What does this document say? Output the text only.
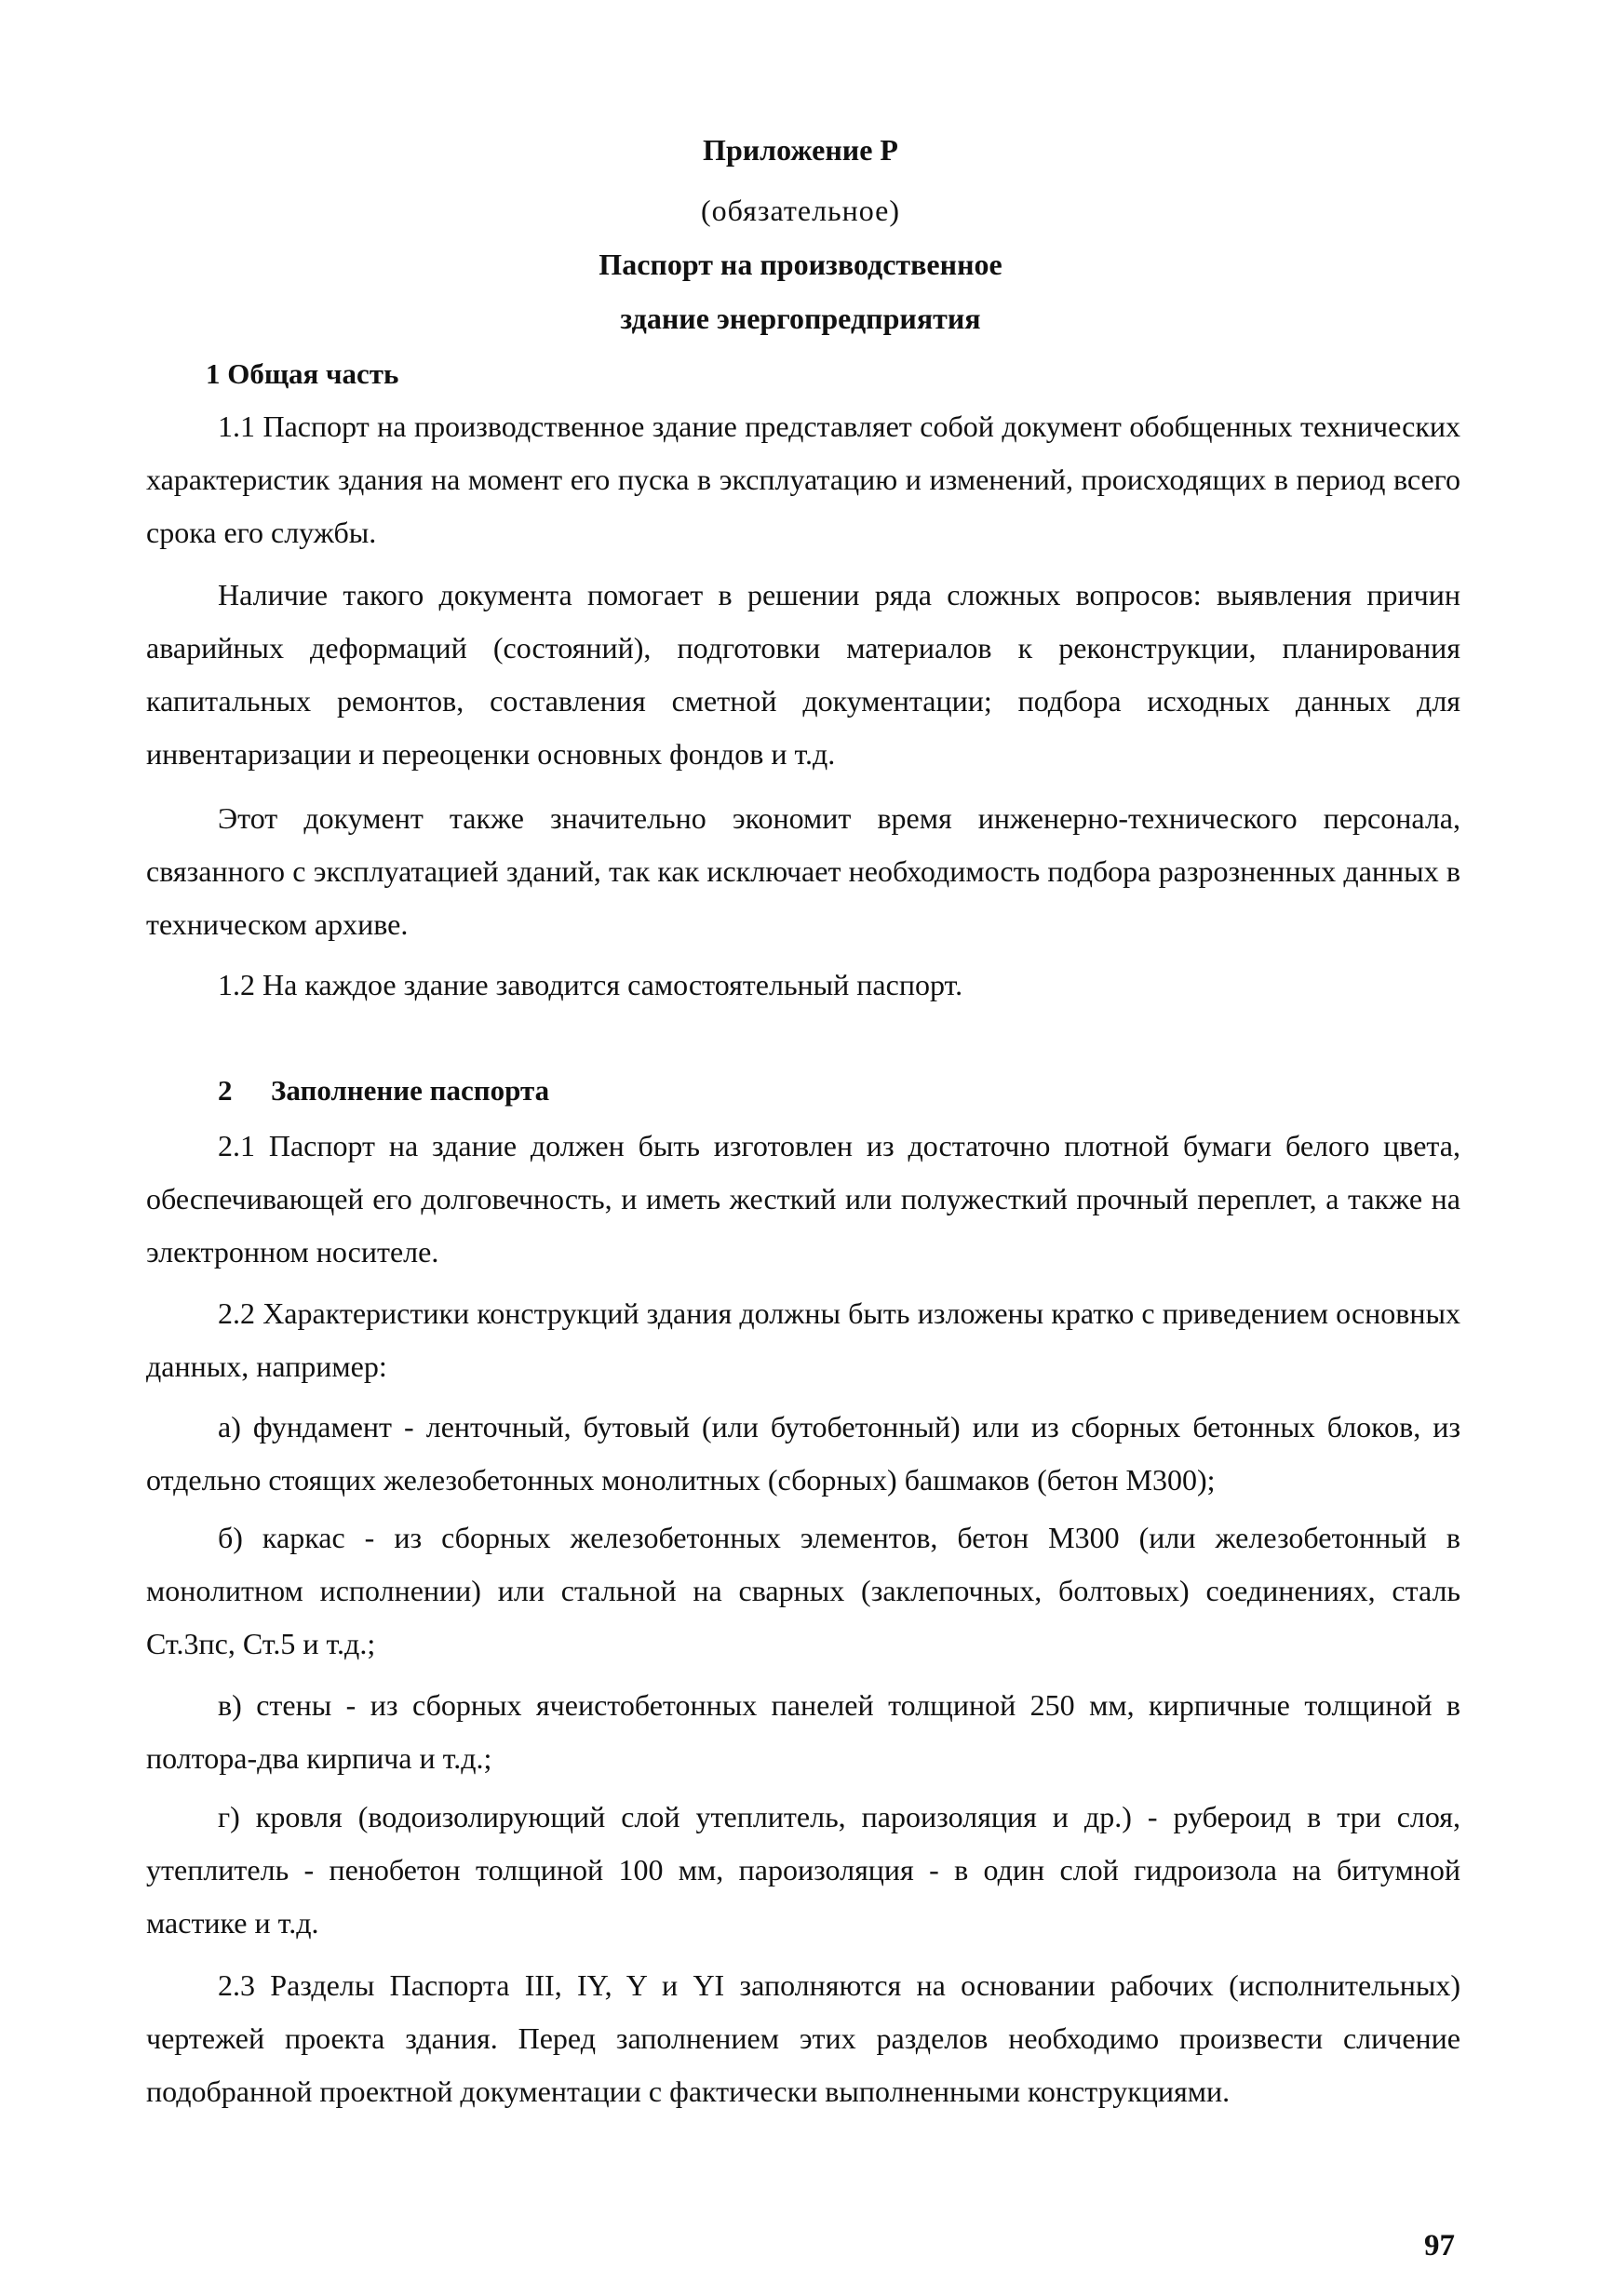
Приложение Р
(обязательное)
Паспорт на производственное
здание энергопредприятия
1 Общая часть

1.1 Паспорт на производственное здание представляет собой документ обобщенных технических характеристик здания на момент его пуска в эксплуатацию и изменений, происходящих в период всего срока его службы.

Наличие такого документа помогает в решении ряда сложных вопросов: выявления причин аварийных деформаций (состояний), подготовки материалов к реконструкции, планирования капитальных ремонтов, составления сметной документации; подбора исходных данных для инвентаризации и переоценки основных фондов и т.д.

Этот документ также значительно экономит время инженерно-технического персонала, связанного с эксплуатацией зданий, так как исключает необходимость подбора разрозненных данных в техническом архиве.

1.2 На каждое здание заводится самостоятельный паспорт.

2 Заполнение паспорта

2.1 Паспорт на здание должен быть изготовлен из достаточно плотной бумаги белого цвета, обеспечивающей его долговечность, и иметь жесткий или полужесткий прочный переплет, а также на электронном носителе.

2.2 Характеристики конструкций здания должны быть изложены кратко с приведением основных данных, например:

а) фундамент - ленточный, бутовый (или бутобетонный) или из сборных бетонных блоков, из отдельно стоящих железобетонных монолитных (сборных) башмаков (бетон М300);

б) каркас - из сборных железобетонных элементов, бетон М300 (или железобетонный в монолитном исполнении) или стальной на сварных (заклепочных, болтовых) соединениях, сталь Ст.3пс, Ст.5 и т.д.;

в) стены - из сборных ячеистобетонных панелей толщиной 250 мм, кирпичные толщиной в полтора-два кирпича и т.д.;

г) кровля (водоизолирующий слой утеплитель, пароизоляция и др.) - рубероид в три слоя, утеплитель - пенобетон толщиной 100 мм, пароизоляция - в один слой гидроизола на битумной мастике и т.д.

2.3 Разделы Паспорта III, IY, Y и YI заполняются на основании рабочих (исполнительных) чертежей проекта здания. Перед заполнением этих разделов необходимо произвести сличение подобранной проектной документации с фактически выполненными конструкциями.

97
